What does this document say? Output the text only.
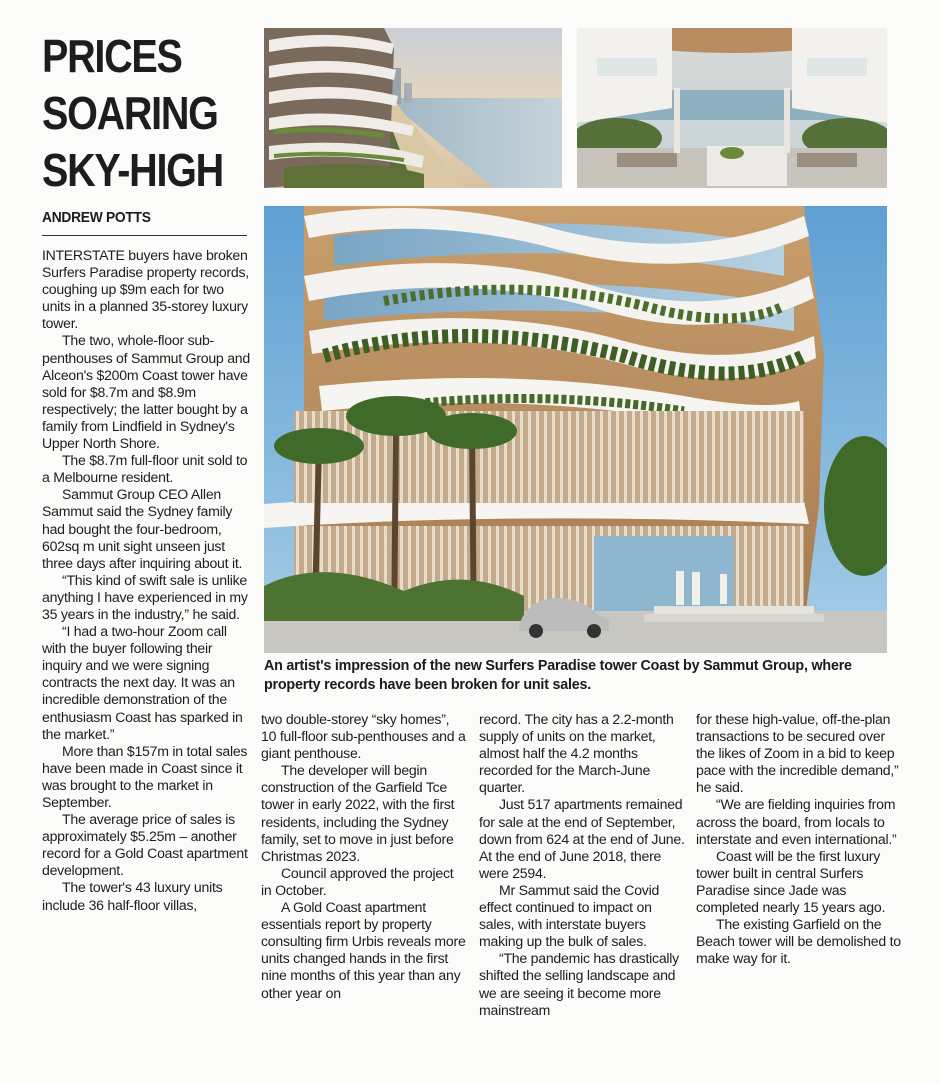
PRICES
SOARING
SKY-HIGH
ANDREW POTTS

INTERSTATE buyers have broken Surfers Paradise property records, coughing up $9m each for two units in a planned 35-storey luxury tower.

The two, whole-floor sub-penthouses of Sammut Group and Alceon's $200m Coast tower have sold for $8.7m and $8.9m respectively; the latter bought by a family from Lindfield in Sydney's Upper North Shore.

The $8.7m full-floor unit sold to a Melbourne resident.

Sammut Group CEO Allen Sammut said the Sydney family had bought the four-bedroom, 602sq m unit sight unseen just three days after inquiring about it.

“This kind of swift sale is unlike anything I have experienced in my 35 years in the industry,” he said.

“I had a two-hour Zoom call with the buyer following their inquiry and we were signing contracts the next day. It was an incredible demonstration of the enthusiasm Coast has sparked in the market.”

More than $157m in total sales have been made in Coast since it was brought to the market in September.

The average price of sales is approximately $5.25m – another record for a Gold Coast apartment development.

The tower's 43 luxury units include 36 half-floor villas,

two double-storey “sky homes”, 10 full-floor sub-penthouses and a giant penthouse.

The developer will begin construction of the Garfield Tce tower in early 2022, with the first residents, including the Sydney family, set to move in just before Christmas 2023.

Council approved the project in October.

A Gold Coast apartment essentials report by property consulting firm Urbis reveals more units changed hands in the first nine months of this year than any other year on

record. The city has a 2.2-month supply of units on the market, almost half the 4.2 months recorded for the March-June quarter.

Just 517 apartments remained for sale at the end of September, down from 624 at the end of June. At the end of June 2018, there were 2594.

Mr Sammut said the Covid effect continued to impact on sales, with interstate buyers making up the bulk of sales.

“The pandemic has drastically shifted the selling landscape and we are seeing it become more mainstream

for these high-value, off-the-plan transactions to be secured over the likes of Zoom in a bid to keep pace with the incredible demand,” he said.

“We are fielding inquiries from across the board, from locals to interstate and even international.”

Coast will be the first luxury tower built in central Surfers Paradise since Jade was completed nearly 15 years ago.

The existing Garfield on the Beach tower will be demolished to make way for it.

An artist's impression of the new Surfers Paradise tower Coast by Sammut Group, where property records have been broken for unit sales.
